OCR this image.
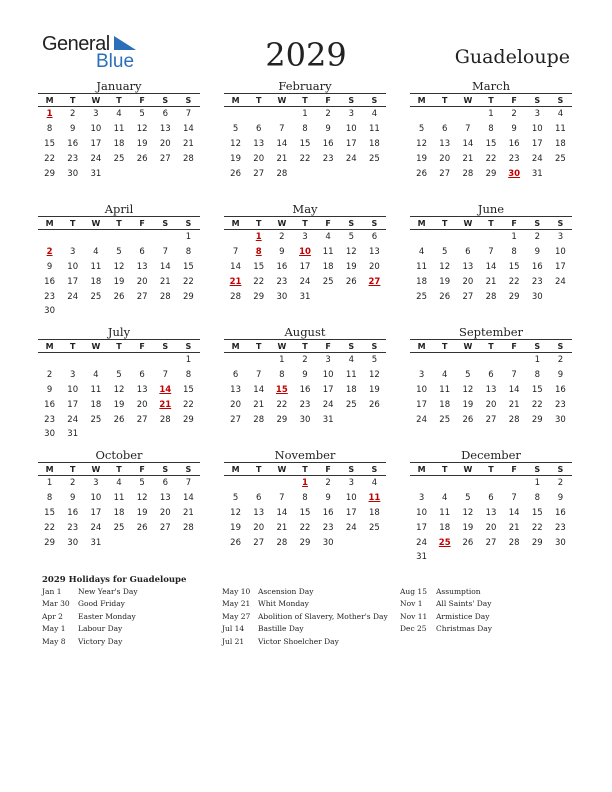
General
Blue	2029	Guadeloupe
January
M	T	W	T	F	S	S
1	2	3	4	5	6	7
8	9	10	11	12	13	14
15	16	17	18	19	20	21
22	23	24	25	26	27	28
29	30	31				
February
M	T	W	T	F	S	S
			1	2	3	4
5	6	7	8	9	10	11
12	13	14	15	16	17	18
19	20	21	22	23	24	25
26	27	28				
March
M	T	W	T	F	S	S
			1	2	3	4
5	6	7	8	9	10	11
12	13	14	15	16	17	18
19	20	21	22	23	24	25
26	27	28	29	30	31	
April
M	T	W	T	F	S	S
						1
2	3	4	5	6	7	8
9	10	11	12	13	14	15
16	17	18	19	20	21	22
23	24	25	26	27	28	29
30						
May
M	T	W	T	F	S	S
	1	2	3	4	5	6
7	8	9	10	11	12	13
14	15	16	17	18	19	20
21	22	23	24	25	26	27
28	29	30	31			
June
M	T	W	T	F	S	S
				1	2	3
4	5	6	7	8	9	10
11	12	13	14	15	16	17
18	19	20	21	22	23	24
25	26	27	28	29	30	
July
M	T	W	T	F	S	S
						1
2	3	4	5	6	7	8
9	10	11	12	13	14	15
16	17	18	19	20	21	22
23	24	25	26	27	28	29
30	31					
August
M	T	W	T	F	S	S
		1	2	3	4	5
6	7	8	9	10	11	12
13	14	15	16	17	18	19
20	21	22	23	24	25	26
27	28	29	30	31		
September
M	T	W	T	F	S	S
					1	2
3	4	5	6	7	8	9
10	11	12	13	14	15	16
17	18	19	20	21	22	23
24	25	26	27	28	29	30
October
M	T	W	T	F	S	S
1	2	3	4	5	6	7
8	9	10	11	12	13	14
15	16	17	18	19	20	21
22	23	24	25	26	27	28
29	30	31				
November
M	T	W	T	F	S	S
			1	2	3	4
5	6	7	8	9	10	11
12	13	14	15	16	17	18
19	20	21	22	23	24	25
26	27	28	29	30		
December
M	T	W	T	F	S	S
					1	2
3	4	5	6	7	8	9
10	11	12	13	14	15	16
17	18	19	20	21	22	23
24	25	26	27	28	29	30
31						
2029 Holidays for Guadeloupe
Jan 1 New Year's Day
Mar 30 Good Friday
Apr 2 Easter Monday
May 1 Labour Day
May 8 Victory Day
May 10 Ascension Day
May 21 Whit Monday
May 27 Abolition of Slavery, Mother's Day
Jul 14 Bastille Day
Jul 21 Victor Shoelcher Day
Aug 15 Assumption
Nov 1 All Saints' Day
Nov 11 Armistice Day
Dec 25 Christmas Day
